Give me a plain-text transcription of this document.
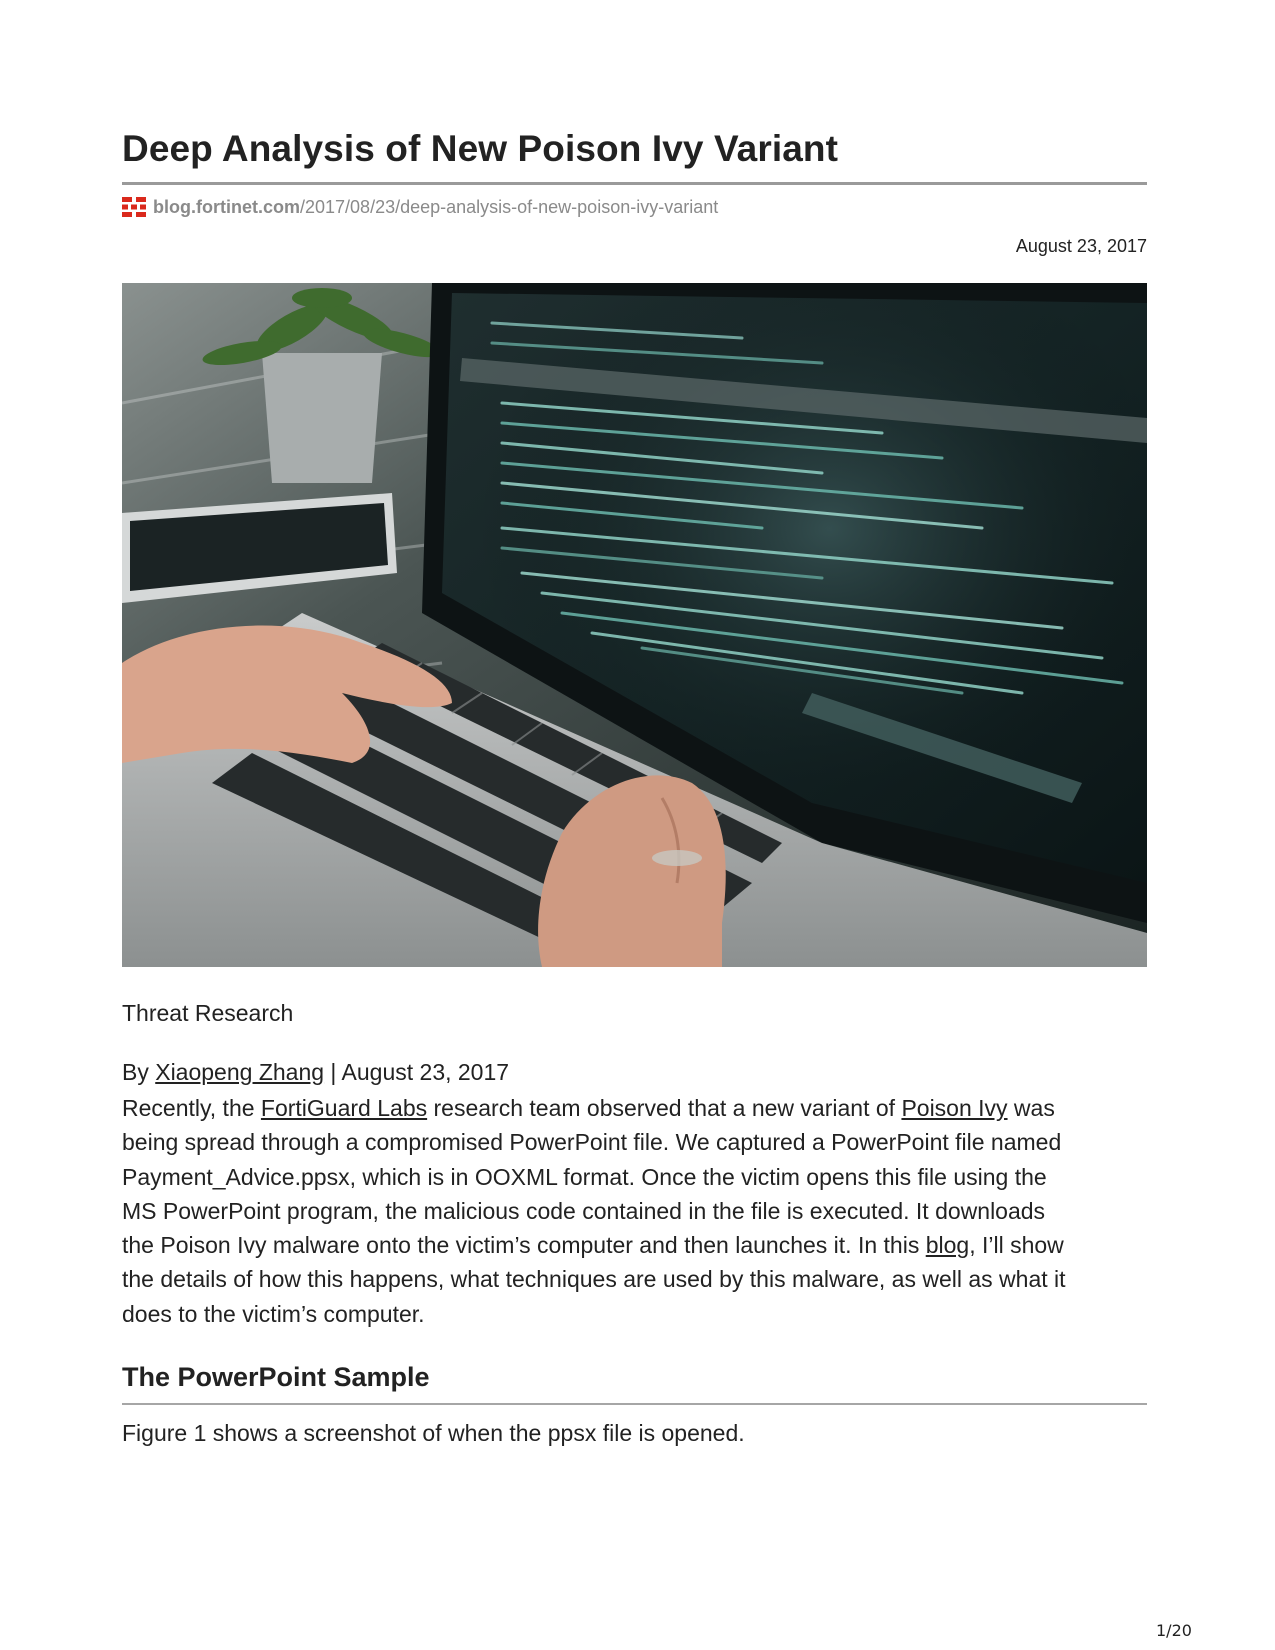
Deep Analysis of New Poison Ivy Variant
blog.fortinet.com /2017/08/23/deep-analysis-of-new-poison-ivy-variant
August 23, 2017
Threat Research
By Xiaopeng Zhang | August 23, 2017

Recently, the FortiGuard Labs research team observed that a new variant of Poison Ivy was
being spread through a compromised PowerPoint file. We captured a PowerPoint file named
Payment_Advice.ppsx, which is in OOXML format. Once the victim opens this file using the
MS PowerPoint program, the malicious code contained in the file is executed. It downloads
the Poison Ivy malware onto the victim’s computer and then launches it. In this blog, I’ll show
the details of how this happens, what techniques are used by this malware, as well as what it
does to the victim’s computer.

The PowerPoint Sample
Figure 1 shows a screenshot of when the ppsx file is opened.
1/20
